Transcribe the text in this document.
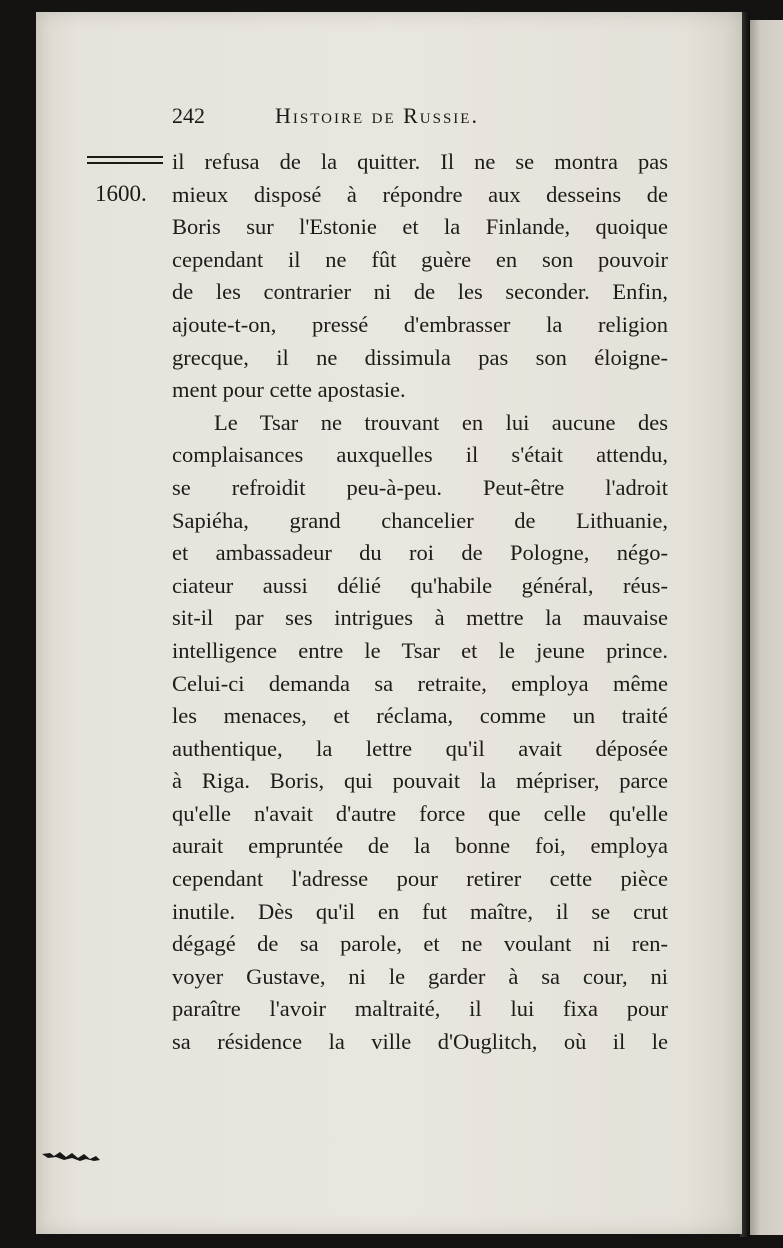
242	Histoire de Russie.
1600.
il refusa de la quitter. Il ne se montra pas
mieux disposé à répondre aux desseins de
Boris sur l'Estonie et la Finlande, quoique
cependant il ne fût guère en son pouvoir
de les contrarier ni de les seconder. Enfin,
ajoute-t-on, pressé d'embrasser la religion
grecque, il ne dissimula pas son éloigne-
ment pour cette apostasie.
Le Tsar ne trouvant en lui aucune des
complaisances auxquelles il s'était attendu,
se refroidit peu-à-peu. Peut-être l'adroit
Sapiéha, grand chancelier de Lithuanie,
et ambassadeur du roi de Pologne, négo-
ciateur aussi délié qu'habile général, réus-
sit-il par ses intrigues à mettre la mauvaise
intelligence entre le Tsar et le jeune prince.
Celui-ci demanda sa retraite, employa même
les menaces, et réclama, comme un traité
authentique, la lettre qu'il avait déposée
à Riga. Boris, qui pouvait la mépriser, parce
qu'elle n'avait d'autre force que celle qu'elle
aurait empruntée de la bonne foi, employa
cependant l'adresse pour retirer cette pièce
inutile. Dès qu'il en fut maître, il se crut
dégagé de sa parole, et ne voulant ni ren-
voyer Gustave, ni le garder à sa cour, ni
paraître l'avoir maltraité, il lui fixa pour
sa résidence la ville d'Ouglitch, où il le
